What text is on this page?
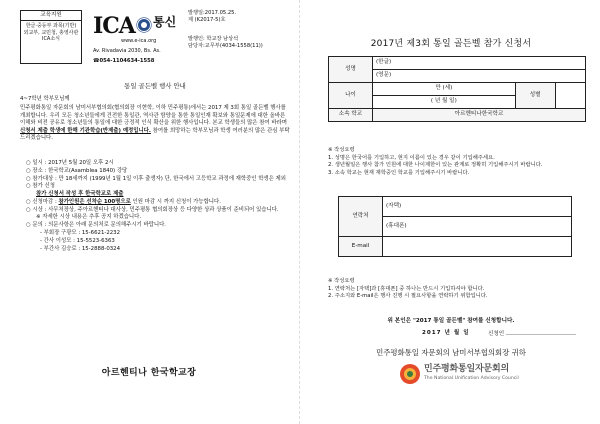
교육지원
한글·중등부 과목(기반)
외교부, 교민청, 총영사관
ICA소식
ICA 통신
www.e-ica.org
Av. Rivadavia 2030, Bs. As.
☎054-1104634-1558
발행일:2017.05.25.
제 (K2017-5)호
발행인: 학교장 남상석
담당자:교무부(4034-1558(11))
통일 골든벨 행사 안내

4~7학년 학부모님께

민주평화통일 자문회의 남미서부협의회(협의회장 이현학, 이하 민주평통)에서는 2017 제 3회 통일 골든벨 행사를 개최합니다. 우리 모든 청소년들에게 건전한 통일관, 역사관 함양을 통한 통일인재 확보와 통일문제에 대한 올바른 이해와 비전 공유로 청소년들의 통일에 대한 긍정적 인식 확산을 위한 행사입니다. 본교 학생들의 많은 참여 바라며 신청서 제출 학생에 한해 기관학습(반제출) 예정입니다. 참여를 희망하는 학부모님과 학생 여러분의 많은 관심 부탁드리겠습니다.

○ 일시 : 2017년 5월 20일 오후 2시
○ 장소 : 한국학교(Asamblea 1840) 강당
○ 참가대상 : 만 18세까지 (1999년 1월 1일 이후 출생자) 단, 한국에서 고등학교 과정에 재학중인 학생은 제외
○ 참가 신청
참가 신청서 작성 후 한국학교로 제출
○ 신청마감 : 참가인원은 선착순 100명으로 인원 마감 시 까지 신청이 가능합니다.
○ 시상 : 사무처장상, 주아르헨티나 대사상, 민주평통 협의회장상 등 다양한 상과 상품이 준비되어 있습니다.
※ 자세한 시상 내용은 추후 공지 하겠습니다.
○ 문의 : 의문사항은 아래 문의처로 문의해주시기 바랍니다.
- 부회장 구광모 : 15-6621-2232
- 간사 이성모 : 15-5523-6363
- 부간사 김승로 : 15-2888-0324
아르헨티나 한국학교장
2017년 제3회 통일 골든벨 참가 신청서
성명	(한글)		
	(영문)		
나이	만 (세)	성별	
	( 년 월 일)		
소속 학교	아르헨티나한국학교		
※ 작성요령
1. 성명은 한국어를 기입하고, 현지 이름이 있는 경우 같이 기입해주세요.
2. 생년월일은 행사 참가 인원에 대한 나이제한이 있는 관계로 정확히 기입해주시기 바랍니다.
3. 소속 학교는 현재 재학중인 학교를 기입해주시기 바랍니다.
연락처	(자택)
	(휴대폰)
E-mail	
※ 작성요령
1. 연락처는 [자택]과 [휴대폰] 중 하나는 반드시 기입하셔야 합니다.
2. 주소지와 E-mail은 행사 진행 시 필요사항을 연락하기 위함입니다.
위 본인은 "2017 통일 골든벨" 참여를 신청합니다.
2017 년 월 일	신청인
민주평화통일 자문회의 남미서부협의회장 귀하
민주평화통일자문회의
The National Unification Advisory Council
